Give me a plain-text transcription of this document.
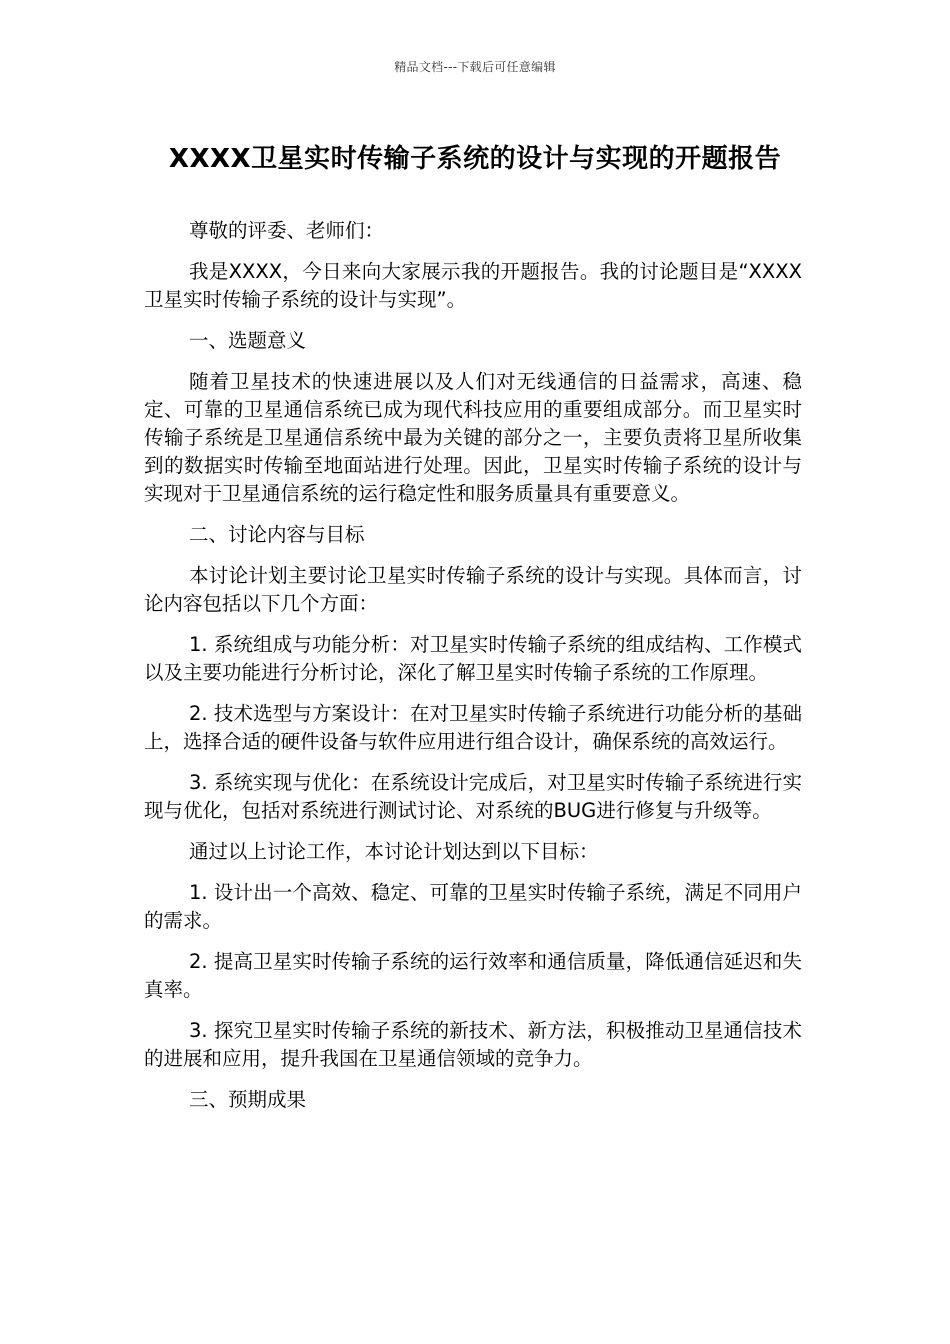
精品文档---下载后可任意编辑
XXXX卫星实时传输子系统的设计与实现的开题报告

尊敬的评委、老师们：

我是XXXX，今日来向大家展示我的开题报告。我的讨论题目是“XXXX卫星实时传输子系统的设计与实现”。

一、选题意义

随着卫星技术的快速进展以及人们对无线通信的日益需求，高速、稳定、可靠的卫星通信系统已成为现代科技应用的重要组成部分。而卫星实时传输子系统是卫星通信系统中最为关键的部分之一，主要负责将卫星所收集到的数据实时传输至地面站进行处理。因此，卫星实时传输子系统的设计与实现对于卫星通信系统的运行稳定性和服务质量具有重要意义。

二、讨论内容与目标

本讨论计划主要讨论卫星实时传输子系统的设计与实现。具体而言，讨论内容包括以下几个方面：

1. 系统组成与功能分析：对卫星实时传输子系统的组成结构、工作模式以及主要功能进行分析讨论，深化了解卫星实时传输子系统的工作原理。

2. 技术选型与方案设计：在对卫星实时传输子系统进行功能分析的基础上，选择合适的硬件设备与软件应用进行组合设计，确保系统的高效运行。

3. 系统实现与优化：在系统设计完成后，对卫星实时传输子系统进行实现与优化，包括对系统进行测试讨论、对系统的BUG进行修复与升级等。

通过以上讨论工作，本讨论计划达到以下目标：

1. 设计出一个高效、稳定、可靠的卫星实时传输子系统，满足不同用户的需求。

2. 提高卫星实时传输子系统的运行效率和通信质量，降低通信延迟和失真率。

3. 探究卫星实时传输子系统的新技术、新方法，积极推动卫星通信技术的进展和应用，提升我国在卫星通信领域的竞争力。

三、预期成果
